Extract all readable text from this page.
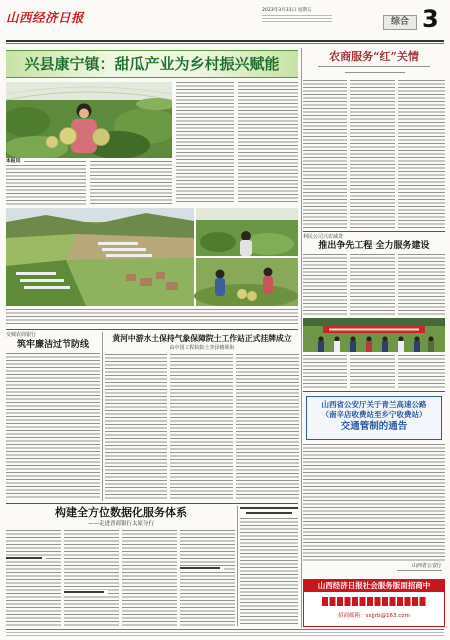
山西经济日报	2023年3月31日 星期五
综合 3
兴县康宁镇：甜瓜产业为乡村振兴赋能
本报讯
农商服务“红”关情
利民公司兴农减贷
推出争先工程 全力服务建设
山西省公安厅关于青兰高速公路
（南辛店收费站至乡宁收费站）
交通管制的通告
山西省公安厅
山西经济日报社会服务版面招商中
招商邮箱：sxjjrb@163.com
交城农商银行
筑牢廉洁过节防线
黄河中游水土保持气象保障院士工作站正式挂牌成立
由中国工程院院士李泽椿领衔
构建全方位数据化服务体系
——走进晋商银行太原分行
